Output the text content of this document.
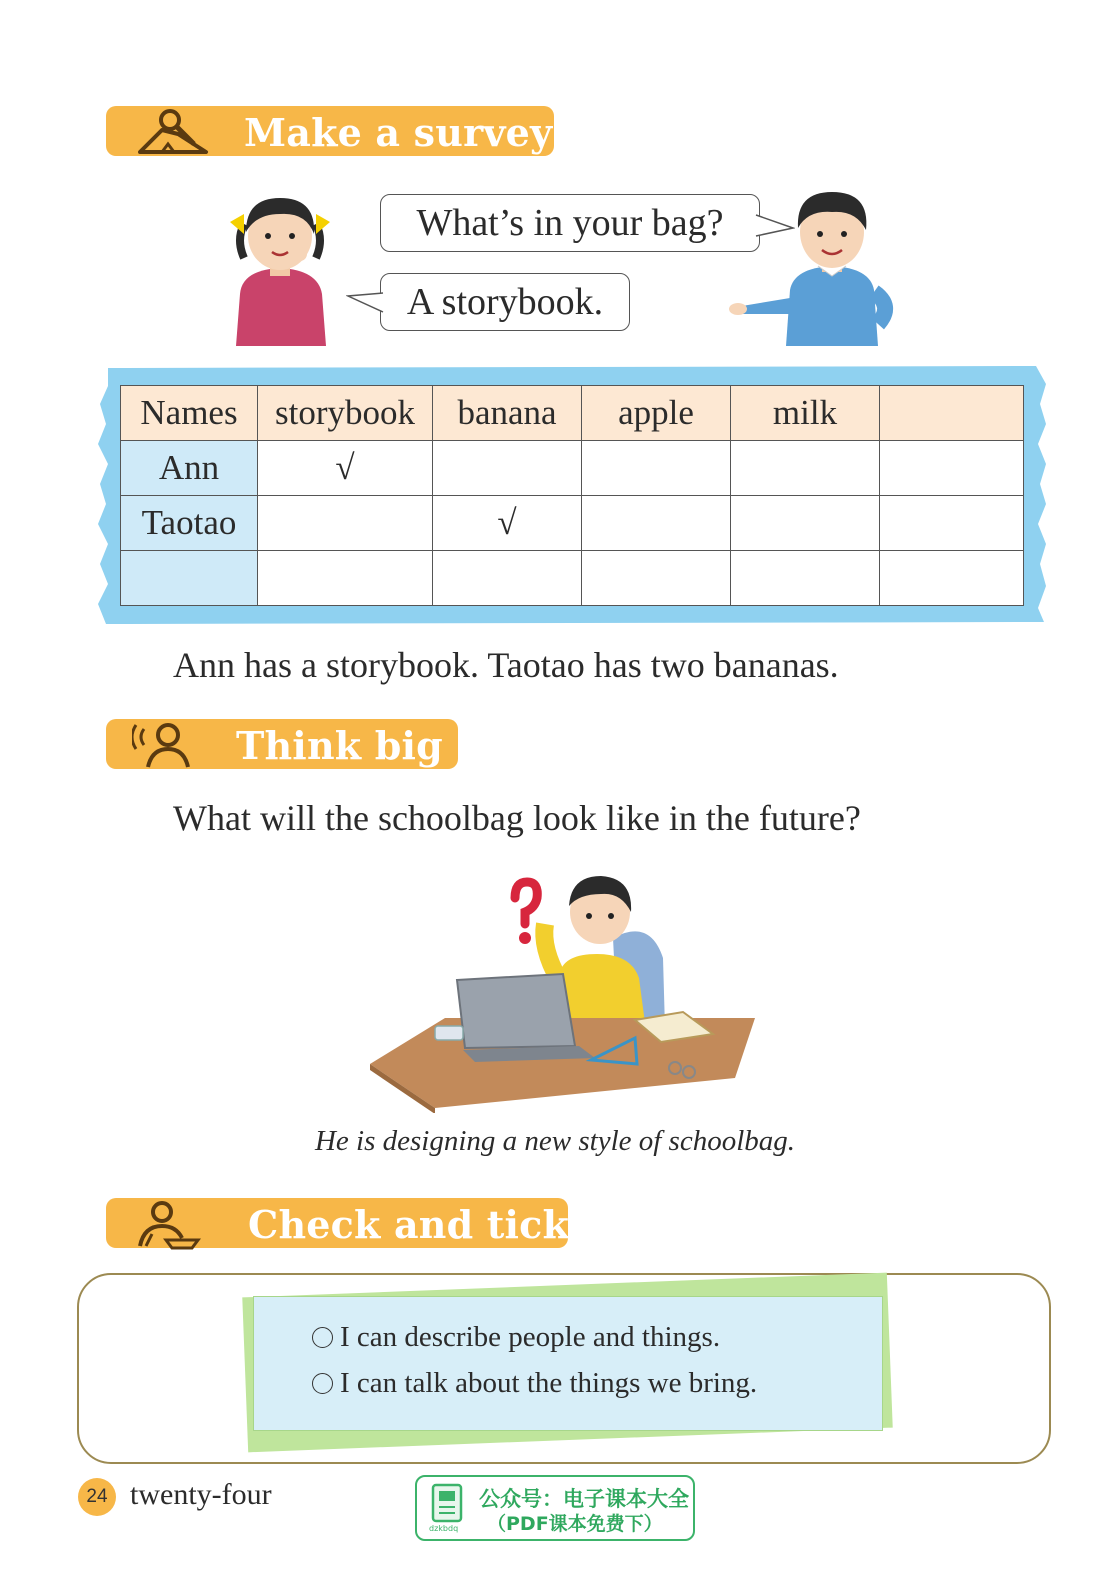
Make a survey
What’s in your bag?
A storybook.
Names	storybook	banana	apple	milk	
Ann	√				
Taotao		√			

Ann has a storybook. Taotao has two bananas.
Think big
What will the schoolbag look like in the future?
He is designing a new style of schoolbag.
Check and tick
I can describe people and things.
I can talk about the things we bring.
24 twenty-four
dzkbdq
公众号：电子课本大全
（PDF课本免费下）
